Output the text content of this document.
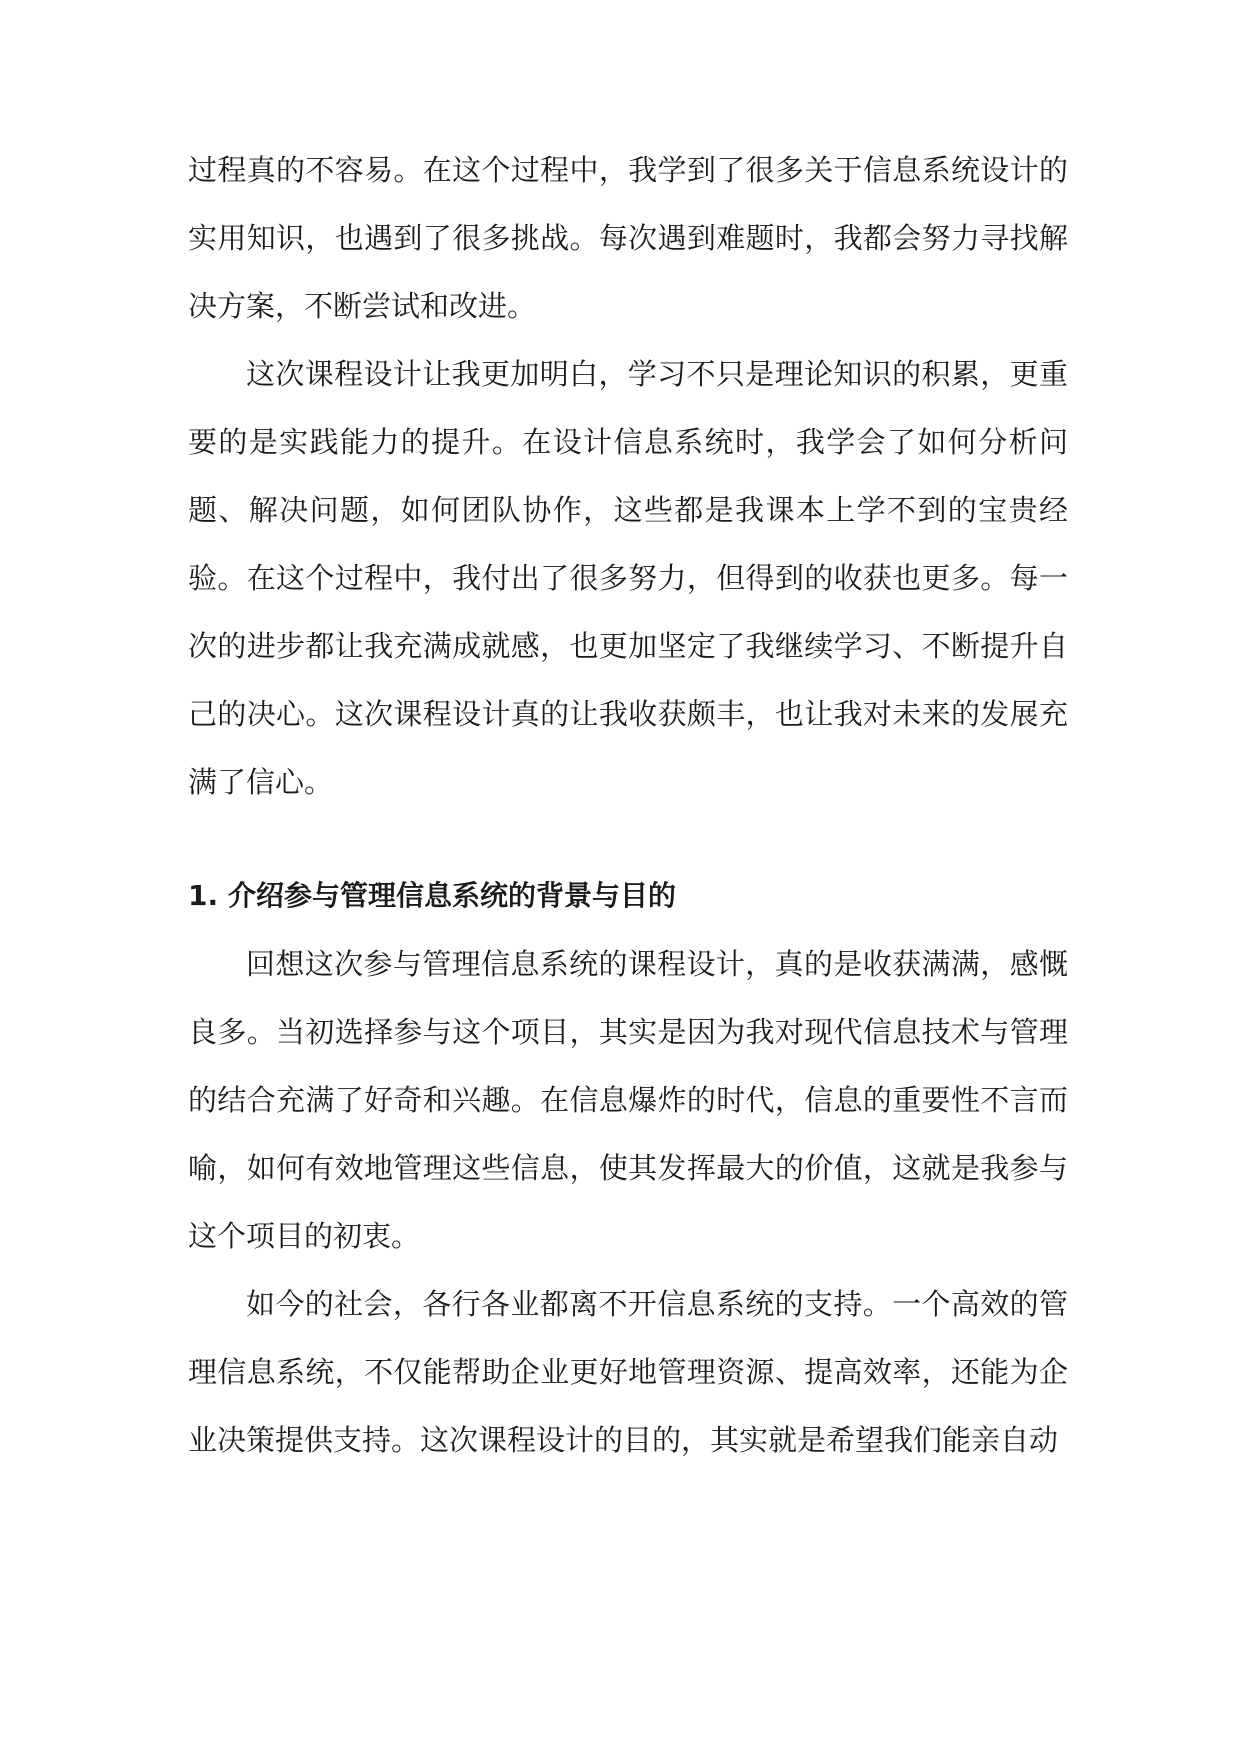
过程真的不容易。在这个过程中，我学到了很多关于信息系统设计的实用知识，也遇到了很多挑战。每次遇到难题时，我都会努力寻找解决方案，不断尝试和改进。

这次课程设计让我更加明白，学习不只是理论知识的积累，更重要的是实践能力的提升。在设计信息系统时，我学会了如何分析问题、解决问题，如何团队协作，这些都是我课本上学不到的宝贵经验。在这个过程中，我付出了很多努力，但得到的收获也更多。每一次的进步都让我充满成就感，也更加坚定了我继续学习、不断提升自己的决心。这次课程设计真的让我收获颇丰，也让我对未来的发展充满了信心。

1. 介绍参与管理信息系统的背景与目的

回想这次参与管理信息系统的课程设计，真的是收获满满，感慨良多。当初选择参与这个项目，其实是因为我对现代信息技术与管理的结合充满了好奇和兴趣。在信息爆炸的时代，信息的重要性不言而喻，如何有效地管理这些信息，使其发挥最大的价值，这就是我参与这个项目的初衷。

如今的社会，各行各业都离不开信息系统的支持。一个高效的管理信息系统，不仅能帮助企业更好地管理资源、提高效率，还能为企业决策提供支持。这次课程设计的目的，其实就是希望我们能亲自动
